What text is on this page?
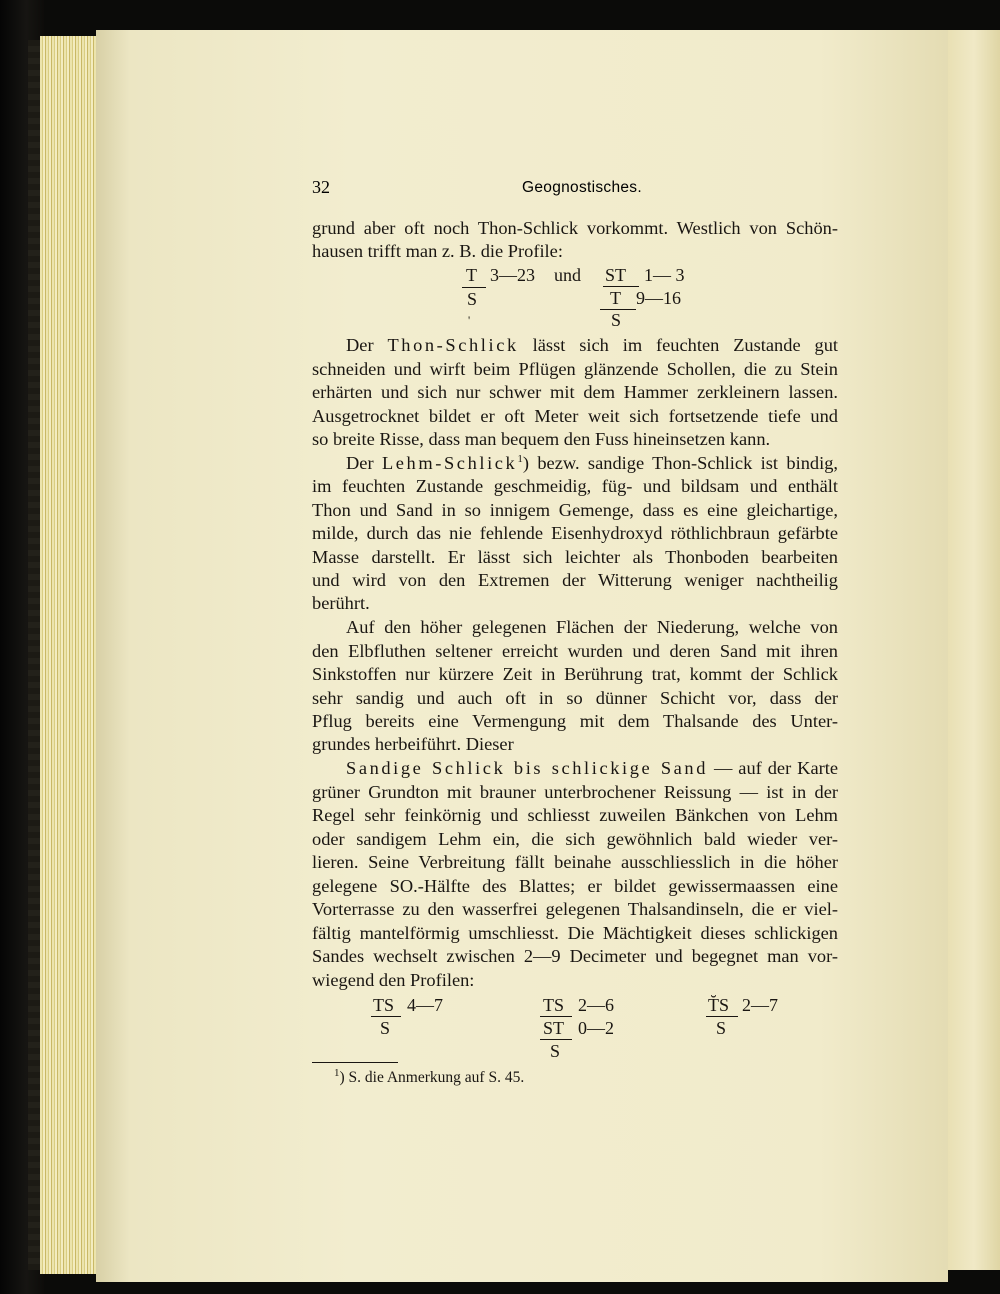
32	Geognostisches.
grund aber oft noch Thon-Schlick vorkommt. Westlich von Schön-
hausen trifft man z. B. die Profile:
T 3—23
S
'
und ST 1— 3
T 9—16
S
Der Thon-Schlick lässt sich im feuchten Zustande gut
schneiden und wirft beim Pflügen glänzende Schollen, die zu Stein
erhärten und sich nur schwer mit dem Hammer zerkleinern lassen.
Ausgetrocknet bildet er oft Meter weit sich fortsetzende tiefe und
so breite Risse, dass man bequem den Fuss hineinsetzen kann.
Der Lehm-Schlick$^1$) bezw. sandige Thon-Schlick ist bindig,
im feuchten Zustande geschmeidig, füg- und bildsam und enthält
Thon und Sand in so innigem Gemenge, dass es eine gleichartige,
milde, durch das nie fehlende Eisenhydroxyd röthlichbraun gefärbte
Masse darstellt. Er lässt sich leichter als Thonboden bearbeiten
und wird von den Extremen der Witterung weniger nachtheilig
berührt.
Auf den höher gelegenen Flächen der Niederung, welche von
den Elbfluthen seltener erreicht wurden und deren Sand mit ihren
Sinkstoffen nur kürzere Zeit in Berührung trat, kommt der Schlick
sehr sandig und auch oft in so dünner Schicht vor, dass der
Pflug bereits eine Vermengung mit dem Thalsande des Unter-
grundes herbeiführt. Dieser
Sandige Schlick bis schlickige Sand — auf der Karte
grüner Grundton mit brauner unterbrochener Reissung — ist in der
Regel sehr feinkörnig und schliesst zuweilen Bänkchen von Lehm
oder sandigem Lehm ein, die sich gewöhnlich bald wieder ver-
lieren. Seine Verbreitung fällt beinahe ausschliesslich in die höher
gelegene SO.-Hälfte des Blattes; er bildet gewissermaassen eine
Vorterrasse zu den wasserfrei gelegenen Thalsandinseln, die er viel-
fältig mantelförmig umschliesst. Die Mächtigkeit dieses schlickigen
Sandes wechselt zwischen 2—9 Decimeter und begegnet man vor-
wiegend den Profilen:
TS 4—7
S
TS 2—6
ST 0—2
S
T̆S 2—7
S
$^1$) S. die Anmerkung auf S. 45.
